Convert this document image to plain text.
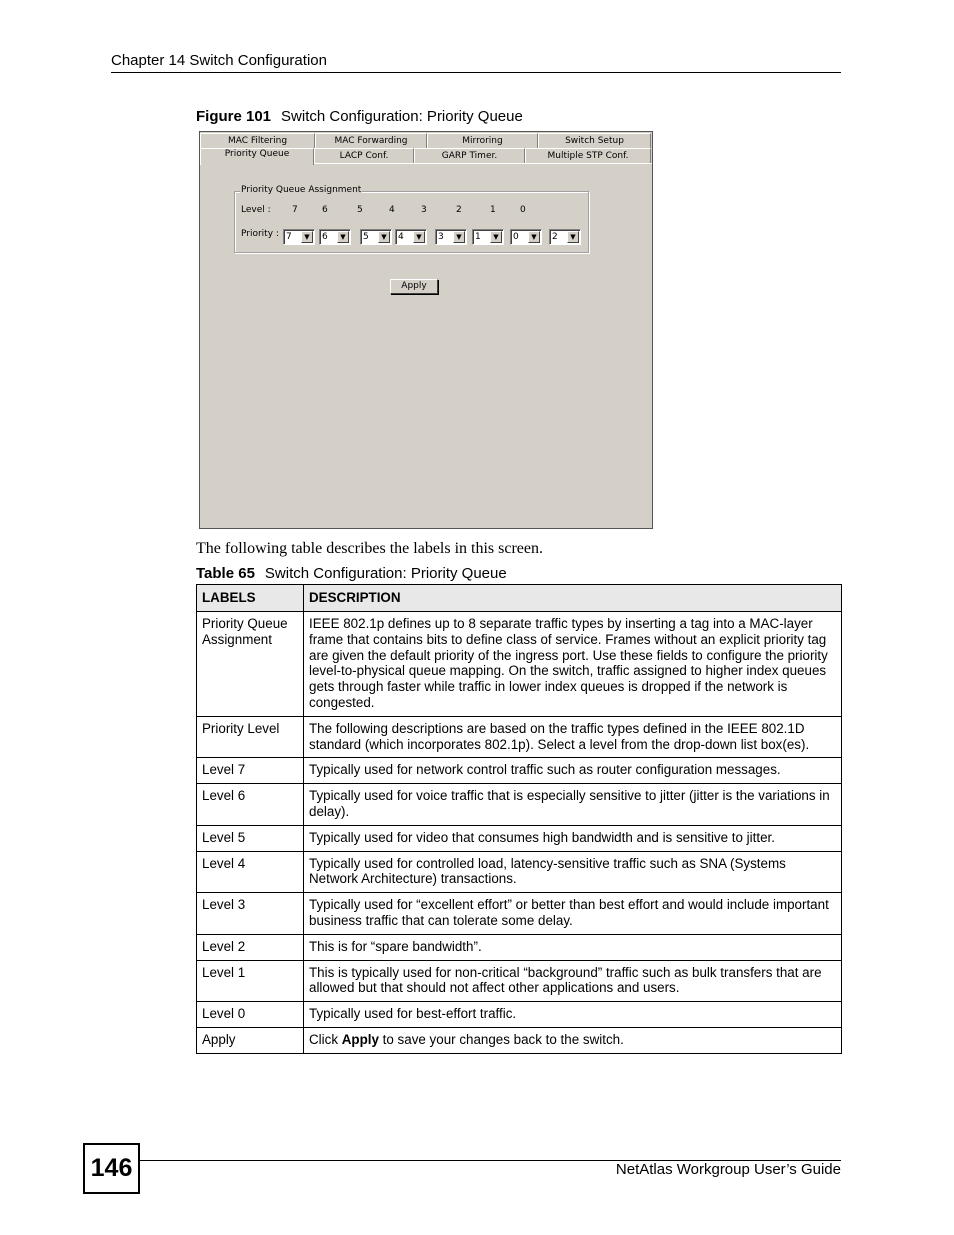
Chapter 14 Switch Configuration
Figure 101 Switch Configuration: Priority Queue
MAC Filtering	MAC Forwarding	Mirroring	Switch Setup
Priority Queue	LACP Conf.	GARP Timer.	Multiple STP Conf.
Priority Queue Assignment
Level : 7	6	5	4	3	2	1	0
Priority : 7	▼	6	▼	5	▼	4	▼	3	▼	1	▼	0	▼	2	▼
Apply
The following table describes the labels in this screen.
Table 65 Switch Configuration: Priority Queue
LABELS	DESCRIPTION
Priority Queue Assignment	IEEE 802.1p defines up to 8 separate traffic types by inserting a tag into a MAC-layer frame that contains bits to define class of service. Frames without an explicit priority tag are given the default priority of the ingress port. Use these fields to configure the priority level-to-physical queue mapping. On the switch, traffic assigned to higher index queues gets through faster while traffic in lower index queues is dropped if the network is congested.
Priority Level	The following descriptions are based on the traffic types defined in the IEEE 802.1D standard (which incorporates 802.1p). Select a level from the drop-down list box(es).
Level 7	Typically used for network control traffic such as router configuration messages.
Level 6	Typically used for voice traffic that is especially sensitive to jitter (jitter is the variations in delay).
Level 5	Typically used for video that consumes high bandwidth and is sensitive to jitter.
Level 4	Typically used for controlled load, latency-sensitive traffic such as SNA (Systems Network Architecture) transactions.
Level 3	Typically used for “excellent effort” or better than best effort and would include important business traffic that can tolerate some delay.
Level 2	This is for “spare bandwidth”.
Level 1	This is typically used for non-critical “background” traffic such as bulk transfers that are allowed but that should not affect other applications and users.
Level 0	Typically used for best-effort traffic.
Apply	Click Apply to save your changes back to the switch.
146	NetAtlas Workgroup User’s Guide
